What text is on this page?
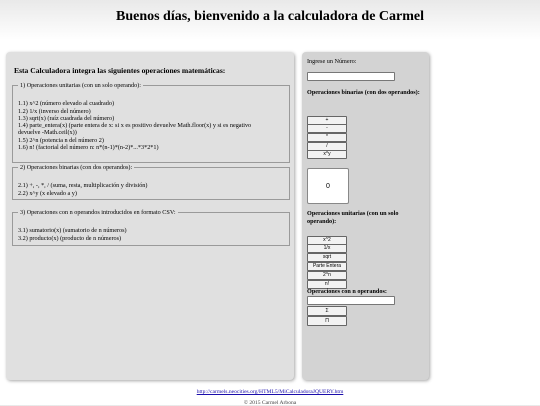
Buenos días, bienvenido a la calculadora de Carmel
Esta Calculadora integra las siguientes operaciones matemáticas:
1) Operaciones unitarias (con un solo operando):
1.1) x^2 (número elevado al cuadrado)
1.2) 1/x (inverso del número)
1.3) sqrt(x) (raíz cuadrada del número)
1.4) parte_entera(x) (parte entera de x: si x es positivo devuelve Math.floor(x) y si es negativo
devuelve -Math.ceil(x))
1.5) 2^n (potencia n del número 2)
1.6) n! (factorial del número n: n*(n-1)*(n-2)*...*3*2*1)
2) Operaciones binarias (con dos operandos):
2.1) +, -, *, / (suma, resta, multiplicación y división)
2.2) x^y (x elevado a y)
3) Operaciones con n operandos introducidos en formato CSV:
3.1) sumatorio(x) (sumatorio de n números)
3.2) producto(x) (producto de n números)
Ingrese un Número:
Operaciones binarias (con dos operandos):
+
-
*
/
x^y
0
Operaciones unitarias (con un solo operando):
x^2
1/x
sqrt
Parte Entera
2^n
n!
Operaciones con n operandos:
Σ
Π
http://carmels.neocities.org/HTML5/MiCalculadoraJQUERY.htm
© 2015 Carmel Arbona
